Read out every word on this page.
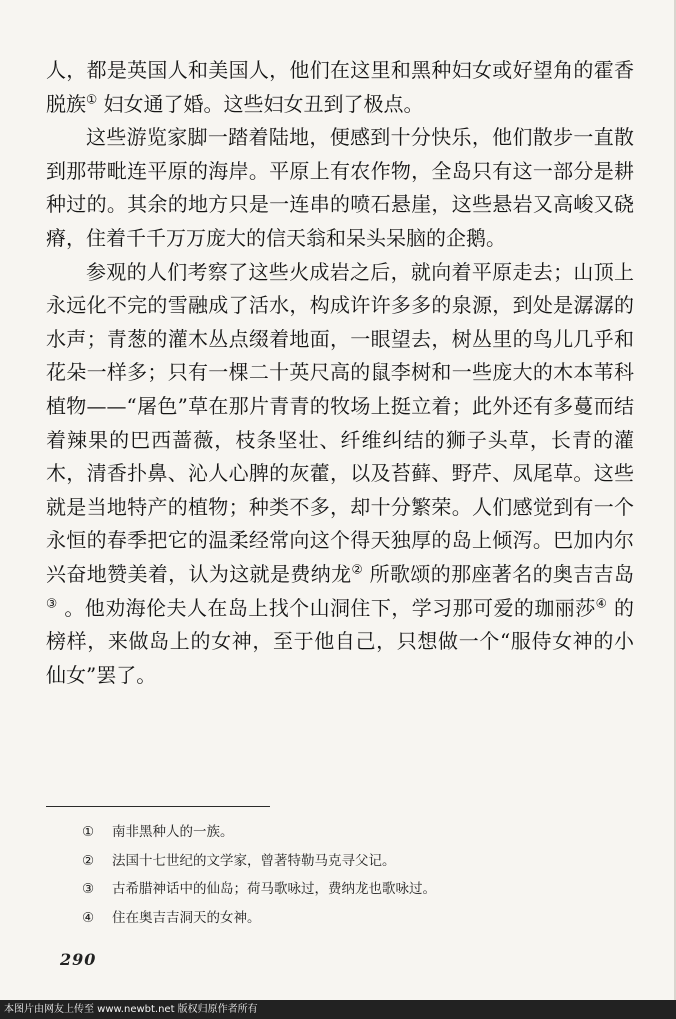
人，都是英国人和美国人，他们在这里和黑种妇女或好望角的霍香脱族① 妇女通了婚。这些妇女丑到了极点。

这些游览家脚一踏着陆地，便感到十分快乐，他们散步一直散到那带毗连平原的海岸。平原上有农作物，全岛只有这一部分是耕种过的。其余的地方只是一连串的喷石悬崖，这些悬岩又高峻又硗瘠，住着千千万万庞大的信天翁和呆头呆脑的企鹅。

参观的人们考察了这些火成岩之后，就向着平原走去；山顶上永远化不完的雪融成了活水，构成许许多多的泉源，到处是潺潺的水声；青葱的灌木丛点缀着地面，一眼望去，树丛里的鸟儿几乎和花朵一样多；只有一棵二十英尺高的鼠李树和一些庞大的木本苇科植物——“屠色”草在那片青青的牧场上挺立着；此外还有多蔓而结着辣果的巴西蔷薇，枝条坚壮、纤维纠结的狮子头草，长青的灌木，清香扑鼻、沁人心脾的灰藿，以及苔藓、野芹、凤尾草。这些就是当地特产的植物；种类不多，却十分繁荣。人们感觉到有一个永恒的春季把它的温柔经常向这个得天独厚的岛上倾泻。巴加内尔兴奋地赞美着，认为这就是费纳龙② 所歌颂的那座著名的奥吉吉岛③ 。他劝海伦夫人在岛上找个山洞住下，学习那可爱的珈丽莎④ 的榜样，来做岛上的女神，至于他自己，只想做一个“服侍女神的小仙女”罢了。

① 南非黑种人的一族。
② 法国十七世纪的文学家，曾著特勒马克寻父记。
③ 古希腊神话中的仙岛；荷马歌咏过，费纳龙也歌咏过。
④ 住在奥吉吉洞天的女神。
290
本图片由网友上传至 www.newbt.net 版权归原作者所有
